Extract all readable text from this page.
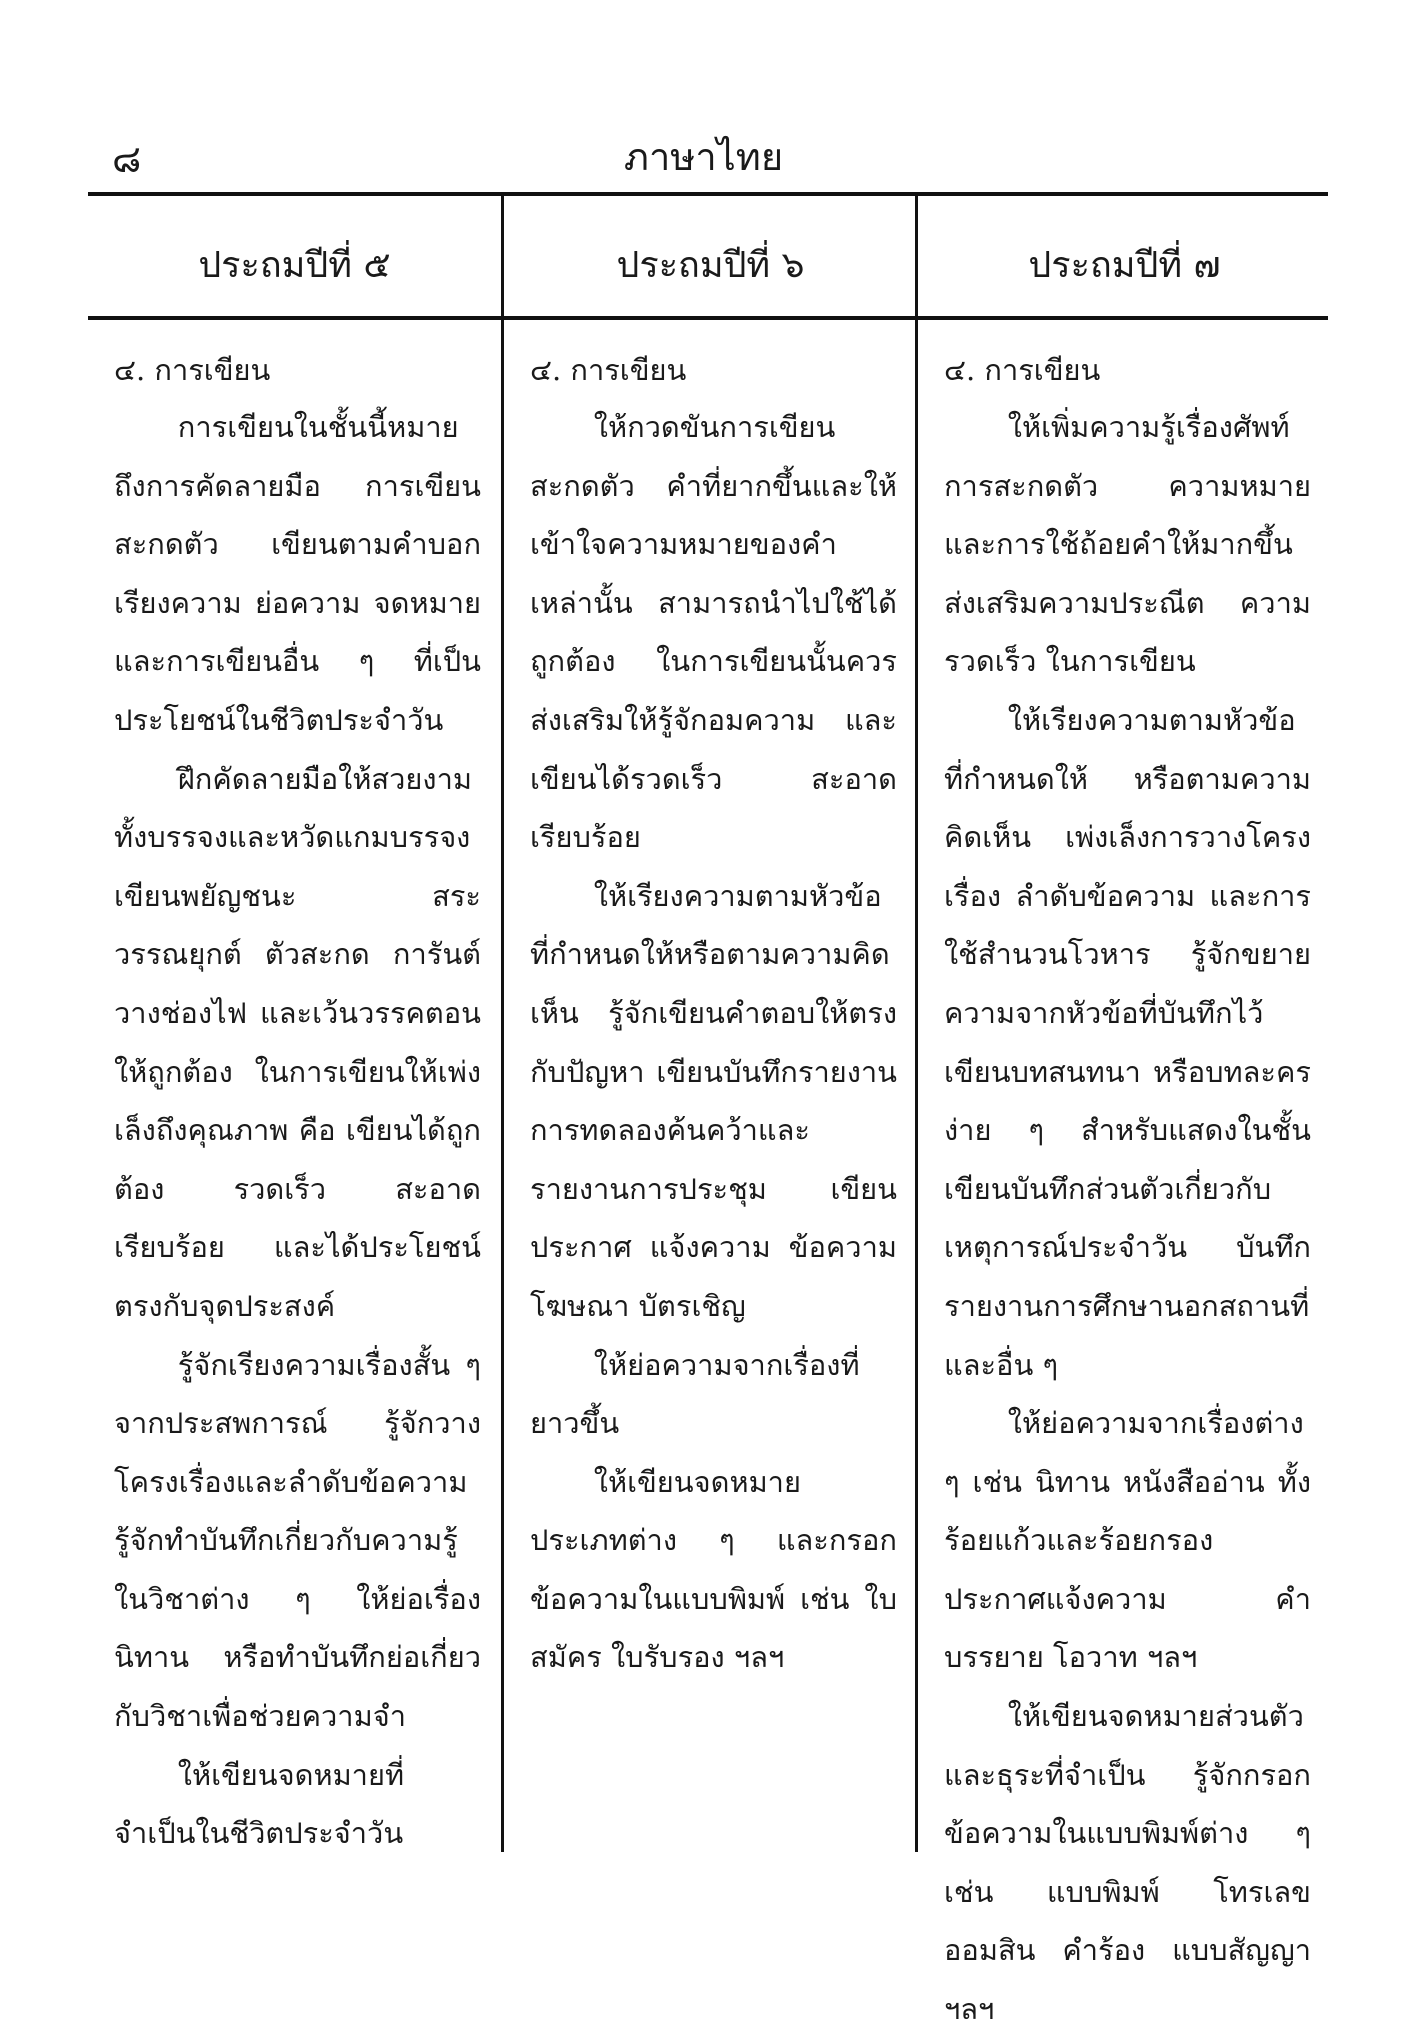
๘	ภาษาไทย
ประถมปีที่ ๕
๔. การเขียน

การเขียนในชั้นนี้หมายถึงการคัดลายมือ การเขียนสะกดตัว เขียนตามคำบอก เรียงความ ย่อความ จดหมายและการเขียนอื่น ๆ ที่เป็นประโยชน์ในชีวิตประจำวัน

ฝึกคัดลายมือให้สวยงามทั้งบรรจงและหวัดแกมบรรจง เขียนพยัญชนะ สระ วรรณยุกต์ ตัวสะกด การันต์ วางช่องไฟ และเว้นวรรคตอนให้ถูกต้อง ในการเขียนให้เพ่งเล็งถึงคุณภาพ คือ เขียนได้ถูกต้อง รวดเร็ว สะอาด เรียบร้อย และได้ประโยชน์ตรงกับจุดประสงค์

รู้จักเรียงความเรื่องสั้น ๆ จากประสพการณ์ รู้จักวางโครงเรื่องและลำดับข้อความ รู้จักทำบันทึกเกี่ยวกับความรู้ในวิชาต่าง ๆ ให้ย่อเรื่องนิทาน หรือทำบันทึกย่อเกี่ยวกับวิชาเพื่อช่วยความจำ

ให้เขียนจดหมายที่จำเป็นในชีวิตประจำวัน

ประถมปีที่ ๖
๔. การเขียน

ให้กวดขันการเขียน สะกดตัว คำที่ยากขึ้นและให้เข้าใจความหมายของคำเหล่านั้น สามารถนำไปใช้ได้ถูกต้อง ในการเขียนนั้นควรส่งเสริมให้รู้จักอมความ และเขียนได้รวดเร็ว สะอาด เรียบร้อย

ให้เรียงความตามหัวข้อที่กำหนดให้หรือตามความคิดเห็น รู้จักเขียนคำตอบให้ตรงกับปัญหา เขียนบันทึกรายงานการทดลองค้นคว้าและรายงานการประชุม เขียนประกาศ แจ้งความ ข้อความโฆษณา บัตรเชิญ

ให้ย่อความจากเรื่องที่ยาวขึ้น

ให้เขียนจดหมายประเภทต่าง ๆ และกรอกข้อความในแบบพิมพ์ เช่น ใบสมัคร ใบรับรอง ฯลฯ

ประถมปีที่ ๗
๔. การเขียน

ให้เพิ่มความรู้เรื่องศัพท์การสะกดตัว ความหมาย และการใช้ถ้อยคำให้มากขึ้น ส่งเสริมความประณีต ความรวดเร็ว ในการเขียน

ให้เรียงความตามหัวข้อที่กำหนดให้ หรือตามความคิดเห็น เพ่งเล็งการวางโครงเรื่อง ลำดับข้อความ และการใช้สำนวนโวหาร รู้จักขยายความจากหัวข้อที่บันทึกไว้ เขียนบทสนทนา หรือบทละคร ง่าย ๆ สำหรับแสดงในชั้น เขียนบันทึกส่วนตัวเกี่ยวกับเหตุการณ์ประจำวัน บันทึกรายงานการศึกษานอกสถานที่ และอื่น ๆ

ให้ย่อความจากเรื่องต่าง ๆ เช่น นิทาน หนังสืออ่าน ทั้งร้อยแก้วและร้อยกรอง ประกาศแจ้งความ คำบรรยาย โอวาท ฯลฯ

ให้เขียนจดหมายส่วนตัวและธุระที่จำเป็น รู้จักกรอกข้อความในแบบพิมพ์ต่าง ๆ เช่น แบบพิมพ์ โทรเลข ออมสิน คำร้อง แบบสัญญา ฯลฯ
